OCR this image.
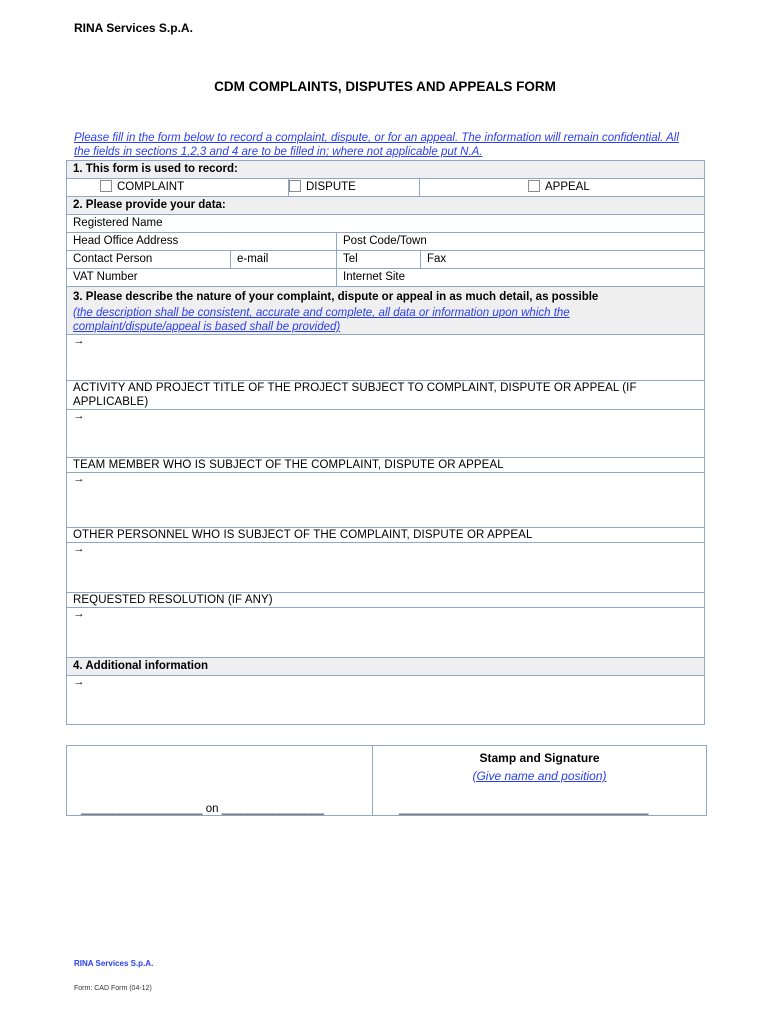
RINA Services S.p.A.
CDM COMPLAINTS, DISPUTES AND APPEALS FORM
Please fill in the form below to record a complaint, dispute, or for an appeal. The information will remain confidential. All the fields in sections 1,2,3 and 4 are to be filled in; where not applicable put N.A.
1. This form is used to record:			

COMPLAINT DISPUTE APPEAL			

2. Please provide your data:			
Registered Name			
Head Office Address		Post Code/Town	
Contact Person	e-mail	Tel	Fax
VAT Number		Internet Site	

3. Please describe the nature of your complaint, dispute or appeal in as much detail, as possible
(the description shall be consistent, accurate and complete, all data or information upon which the complaint/dispute/appeal is based shall be provided)			

→			
ACTIVITY AND PROJECT TITLE OF THE PROJECT SUBJECT TO COMPLAINT, DISPUTE OR APPEAL (IF APPLICABLE)			
→			
TEAM MEMBER WHO IS SUBJECT OF THE COMPLAINT, DISPUTE OR APPEAL			
→			
OTHER PERSONNEL WHO IS SUBJECT OF THE COMPLAINT, DISPUTE OR APPEAL			
→			
REQUESTED RESOLUTION (IF ANY)			
→			
4. Additional information			
→			
___________________ on ________________
Stamp and Signature
(Give name and position)
_______________________________________
RINA Services S.p.A.
Form: CAD Form (04-12)
